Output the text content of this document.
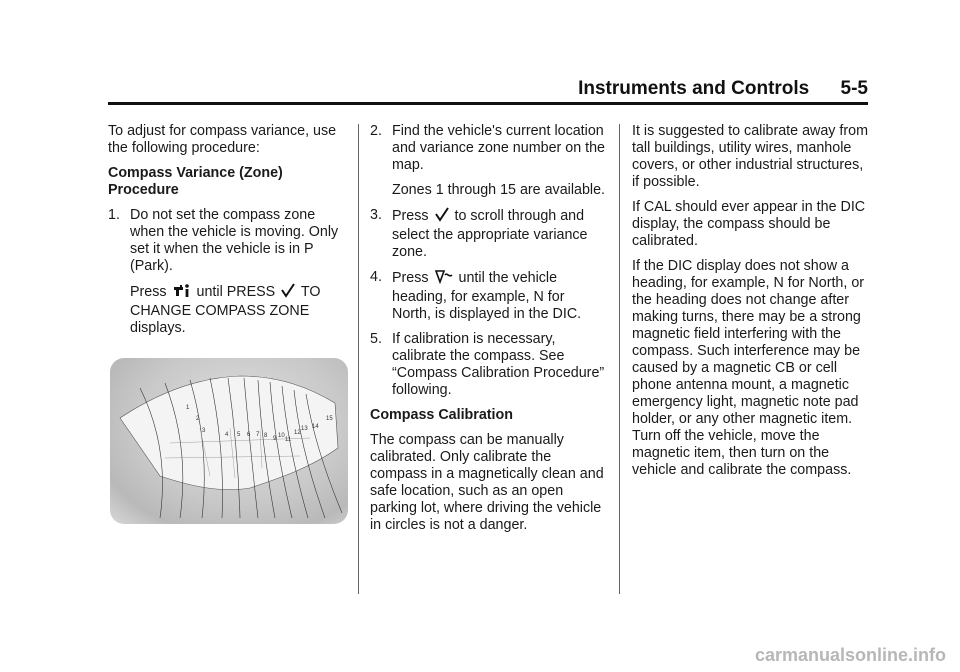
Instruments and Controls 5-5

To adjust for compass variance, use the following procedure:

Compass Variance (Zone) Procedure

1. Do not set the compass zone when the vehicle is moving. Only set it when the vehicle is in P (Park).

Press until PRESS TO CHANGE COMPASS ZONE displays.

1
2
3
4 5 6 7 8 9 10
11
12
13 14
15
2. Find the vehicle's current location and variance zone number on the map.

Zones 1 through 15 are available.

3. Press to scroll through and select the appropriate variance zone.
4. Press until the vehicle heading, for example, N for North, is displayed in the DIC.
5. If calibration is necessary, calibrate the compass. See “Compass Calibration Procedure” following.

Compass Calibration

The compass can be manually calibrated. Only calibrate the compass in a magnetically clean and safe location, such as an open parking lot, where driving the vehicle in circles is not a danger.

It is suggested to calibrate away from tall buildings, utility wires, manhole covers, or other industrial structures, if possible.

If CAL should ever appear in the DIC display, the compass should be calibrated.

If the DIC display does not show a heading, for example, N for North, or the heading does not change after making turns, there may be a strong magnetic field interfering with the compass. Such interference may be caused by a magnetic CB or cell phone antenna mount, a magnetic emergency light, magnetic note pad holder, or any other magnetic item. Turn off the vehicle, move the magnetic item, then turn on the vehicle and calibrate the compass.

carmanualsonline.info
